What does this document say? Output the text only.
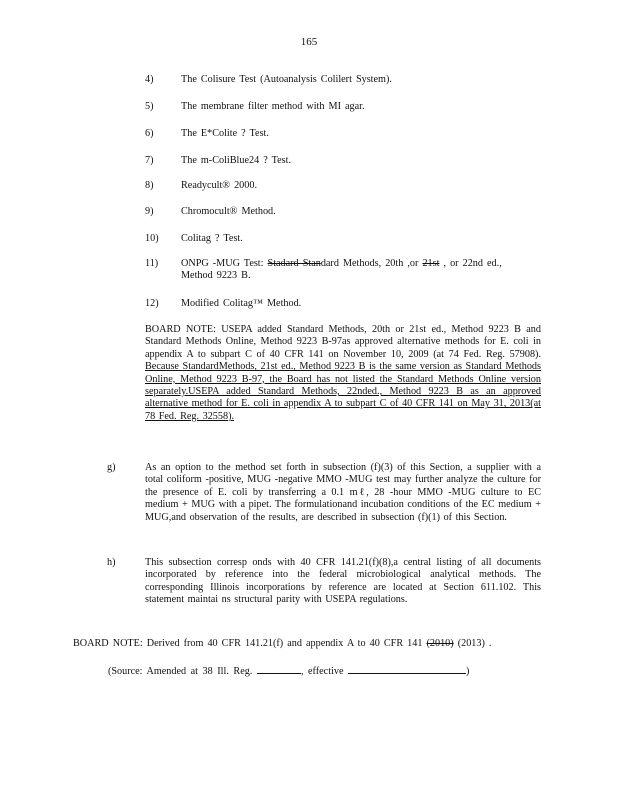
165
4)	The Colisure Test (Autoanalysis Colilert System).
5)	The membrane filter method with MI agar.
6)	The E*Colite ? Test.
7)	The m-ColiBlue24 ? Test.
8)	Readycult® 2000.
9)	Chromocult® Method.
10) Colitag ? Test.
11) ONPG -MUG Test: Stadard Standard Methods, 20th ,or 21st , or 22nd ed., Method 9223 B.
12) Modified Colitag™ Method.
BOARD NOTE: USEPA added Standard Methods, 20th or 21st ed., Method 9223 B and Standard Methods Online, Method 9223 B-97as approved alternative methods for E. coli in appendix A to subpart C of 40 CFR 141 on November 10, 2009 (at 74 Fed. Reg. 57908). Because StandardMethods, 21st ed., Method 9223 B is the same version as Standard Methods Online, Method 9223 B-97, the Board has not listed the Standard Methods Online version separately.USEPA added Standard Methods, 22nded., Method 9223 B as an approved alternative method for E. coli in appendix A to subpart C of 40 CFR 141 on May 31, 2013(at 78 Fed. Reg. 32558).
g)	As an option to the method set forth in subsection (f)(3) of this Section, a supplier with a total coliform -positive, MUG -negative MMO -MUG test may further analyze the culture for the presence of E. coli by transferring a 0.1 mℓ, 28 -hour MMO -MUG culture to EC medium + MUG with a pipet. The formulationand incubation conditions of the EC medium + MUG,and observation of the results, are described in subsection (f)(1) of this Section.
h)	This subsection corresp onds with 40 CFR 141.21(f)(8),a central listing of all documents incorporated by reference into the federal microbiological analytical methods. The corresponding Illinois incorporations by reference are located at Section 611.102. This statement maintai ns structural parity with USEPA regulations.
BOARD NOTE: Derived from 40 CFR 141.21(f) and appendix A to 40 CFR 141 (2010) (2013) .
(Source: Amended at 38 Ill. Reg.	, effective	)
